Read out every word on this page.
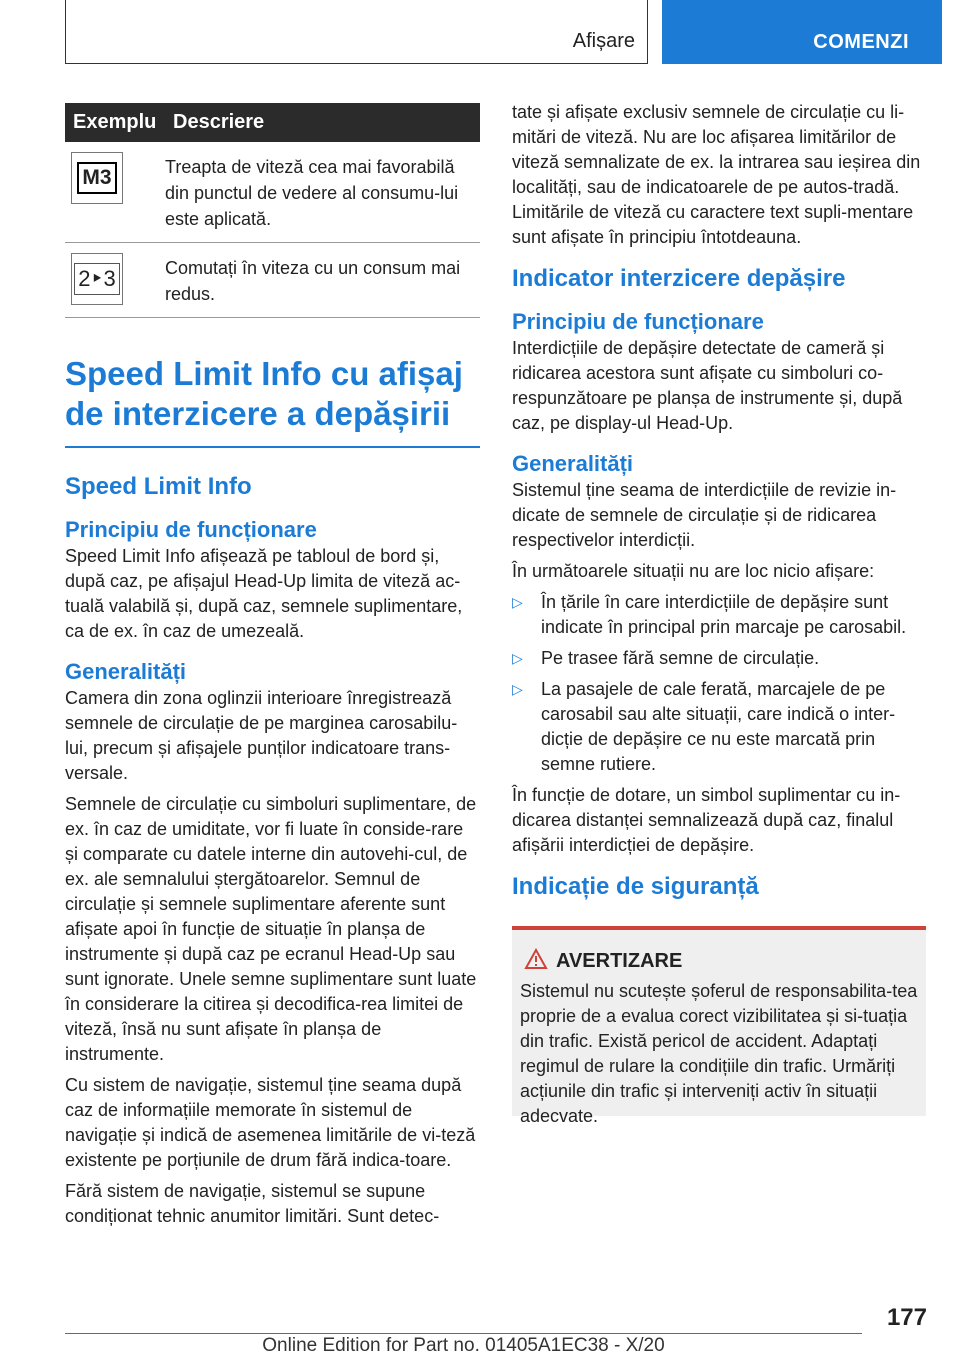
Afișare	COMENZI
Exemplu	Descriere

M3	Treapta de viteză cea mai favorabilă din punctul de vedere al consumu-lui este aplicată.

2‣3	Comutați în viteza cu un consum mai redus.
Speed Limit Info cu afișaj de interzicere a depășirii
Speed Limit Info
Principiu de funcționare

Speed Limit Info afișează pe tabloul de bord și, după caz, pe afișajul Head-Up limita de viteză ac-tuală valabilă și, după caz, semnele suplimentare, ca de ex. în caz de umezeală.

Generalități

Camera din zona oglinzii interioare înregistrează semnele de circulație de pe marginea carosabilu-lui, precum și afișajele punților indicatoare trans-versale.

Semnele de circulație cu simboluri suplimentare, de ex. în caz de umiditate, vor fi luate în conside-rare și comparate cu datele interne din autovehi-cul, de ex. ale semnalului ștergătoarelor. Semnul de circulație și semnele suplimentare aferente sunt afișate apoi în funcție de situație în planșa de instrumente și după caz pe ecranul Head-Up sau sunt ignorate. Unele semne suplimentare sunt luate în considerare la citirea și decodifica-rea limitei de viteză, însă nu sunt afișate în planșa de instrumente.

Cu sistem de navigație, sistemul ține seama după caz de informațiile memorate în sistemul de navigație și indică de asemenea limitările de vi-teză existente pe porțiunile de drum fără indica-toare.

Fără sistem de navigație, sistemul se supune condiționat tehnic anumitor limitări. Sunt detec-

tate și afișate exclusiv semnele de circulație cu li-mitări de viteză. Nu are loc afișarea limitărilor de viteză semnalizate de ex. la intrarea sau ieșirea din localități, sau de indicatoarele de pe autos-tradă. Limitările de viteză cu caractere text supli-mentare sunt afișate în principiu întotdeauna.

Indicator interzicere depășire
Principiu de funcționare

Interdicțiile de depășire detectate de cameră și ridicarea acestora sunt afișate cu simboluri co-respunzătoare pe planșa de instrumente și, după caz, pe display-ul Head-Up.

Generalități

Sistemul ține seama de interdicțiile de revizie in-dicate de semnele de circulație și de ridicarea respectivelor interdicții.

În următoarele situații nu are loc nicio afișare:

▷ În țările în care interdicțiile de depășire sunt indicate în principal prin marcaje pe carosabil.
▷ Pe trasee fără semne de circulație.
▷ La pasajele de cale ferată, marcajele de pe carosabil sau alte situații, care indică o inter-dicție de depășire ce nu este marcată prin semne rutiere.

În funcție de dotare, un simbol suplimentar cu in-dicarea distanței semnalizează după caz, finalul afișării interdicției de depășire.

Indicație de siguranță
AVERTIZARE

Sistemul nu scutește șoferul de responsabilita-tea proprie de a evalua corect vizibilitatea și si-tuația din trafic. Există pericol de accident. Adaptați regimul de rulare la condițiile din trafic. Urmăriți acțiunile din trafic și interveniți activ în situații adecvate.

177
Online Edition for Part no. 01405A1EC38 - X/20
